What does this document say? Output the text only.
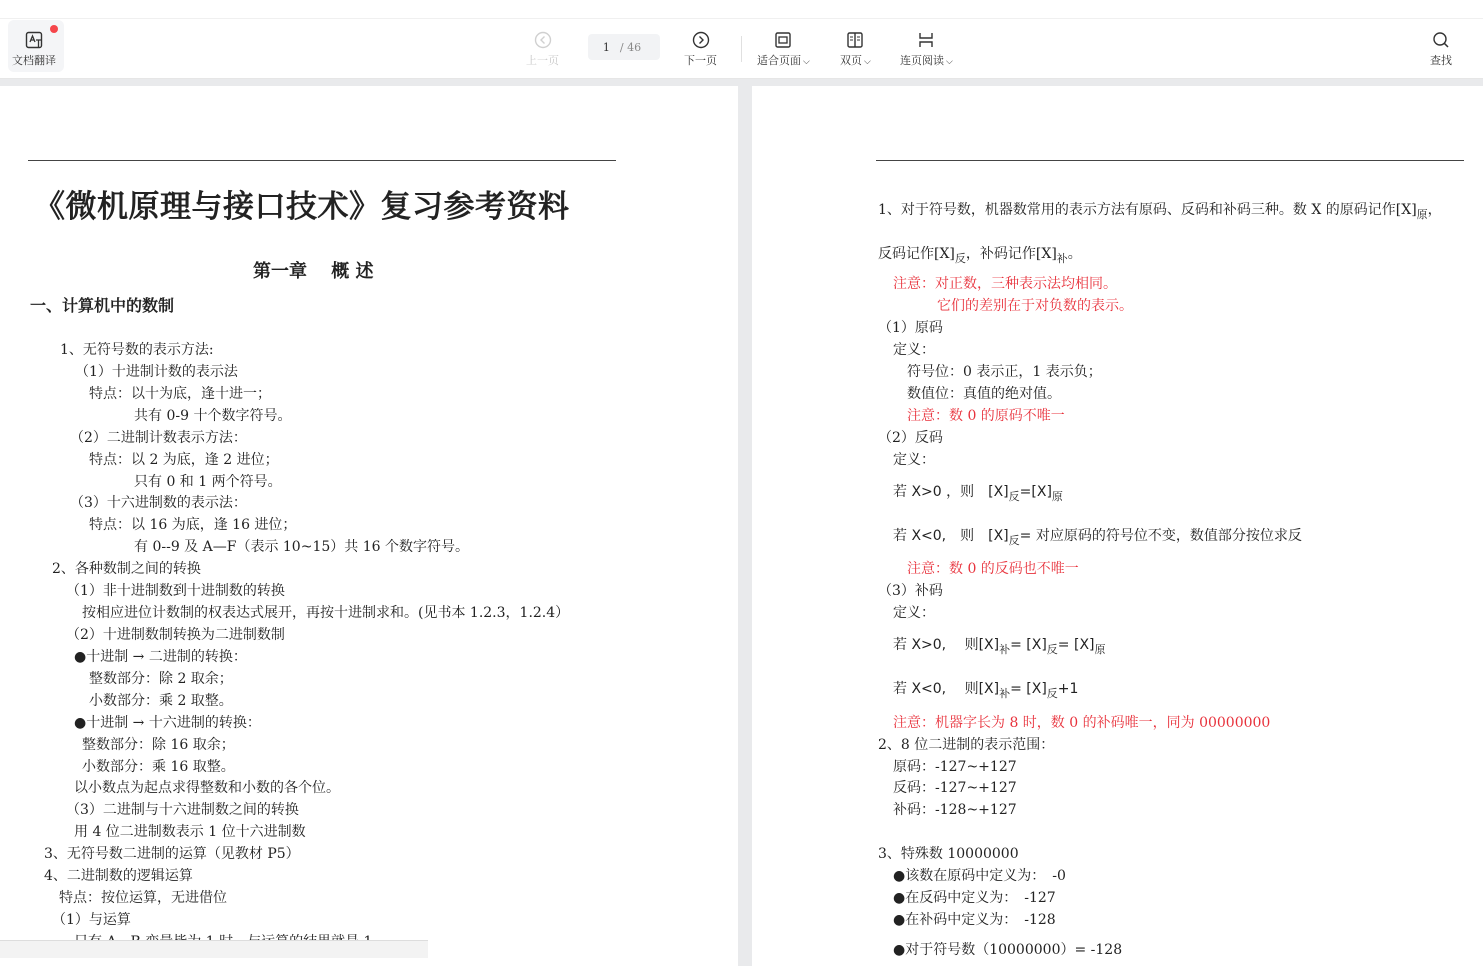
文档翻译	上一页
1 / 46
下一页	适合页面 ⌵	双页 ⌵	连页阅读 ⌵	查找
《微机原理与接口技术》复习参考资料
第一章　 概 述
一、计算机中的数制
1、无符号数的表示方法:
（1）十进制计数的表示法
特点：以十为底，逢十进一；
共有 0-9 十个数字符号。
（2）二进制计数表示方法：
特点：以 2 为底，逢 2 进位；
只有 0 和 1 两个符号。
（3）十六进制数的表示法：
特点：以 16 为底，逢 16 进位；
有 0--9 及 A—F（表示 10~15）共 16 个数字符号。
2、各种数制之间的转换
（1）非十进制数到十进制数的转换
按相应进位计数制的权表达式展开，再按十进制求和。(见书本 1.2.3，1.2.4）
（2）十进制数制转换为二进制数制
●十进制 → 二进制的转换：
整数部分：除 2 取余；
小数部分：乘 2 取整。
●十进制 → 十六进制的转换：
整数部分：除 16 取余；
小数部分：乘 16 取整。
以小数点为起点求得整数和小数的各个位。
（3）二进制与十六进制数之间的转换
用 4 位二进制数表示 1 位十六进制数
3、无符号数二进制的运算（见教材 P5）
4、二进制数的逻辑运算
特点：按位运算，无进借位
（1）与运算
1、对于符号数，机器数常用的表示方法有原码、反码和补码三种。数 X 的原码记作$[X]_原$，
反码记作$[X]_反$，补码记作$[X]_补$。
注意：对正数，三种表示法均相同。
它们的差别在于对负数的表示。
（1）原码
定义：
符号位：0 表示正，1 表示负；
数值位：真值的绝对值。
注意：数 0 的原码不唯一
（2）反码
定义：
若 X>0 ，则　$[X]_反=[X]_原$
若 X<0,　则　$[X]_反=$ 对应原码的符号位不变，数值部分按位求反
注意：数 0 的反码也不唯一
（3）补码
定义：
若 X>0,　 则$[X]_补= [X]_反= [X]_原$
若 X<0,　 则$[X]_补= [X]_反+1$
注意：机器字长为 8 时，数 0 的补码唯一，同为 00000000
2、8 位二进制的表示范围：
原码：-127~+127
反码：-127~+127
补码：-128~+127
3、特殊数 10000000
●该数在原码中定义为：　-0
●在反码中定义为：　-127
●在补码中定义为：　-128
●对于符号数（10000000）= -128
